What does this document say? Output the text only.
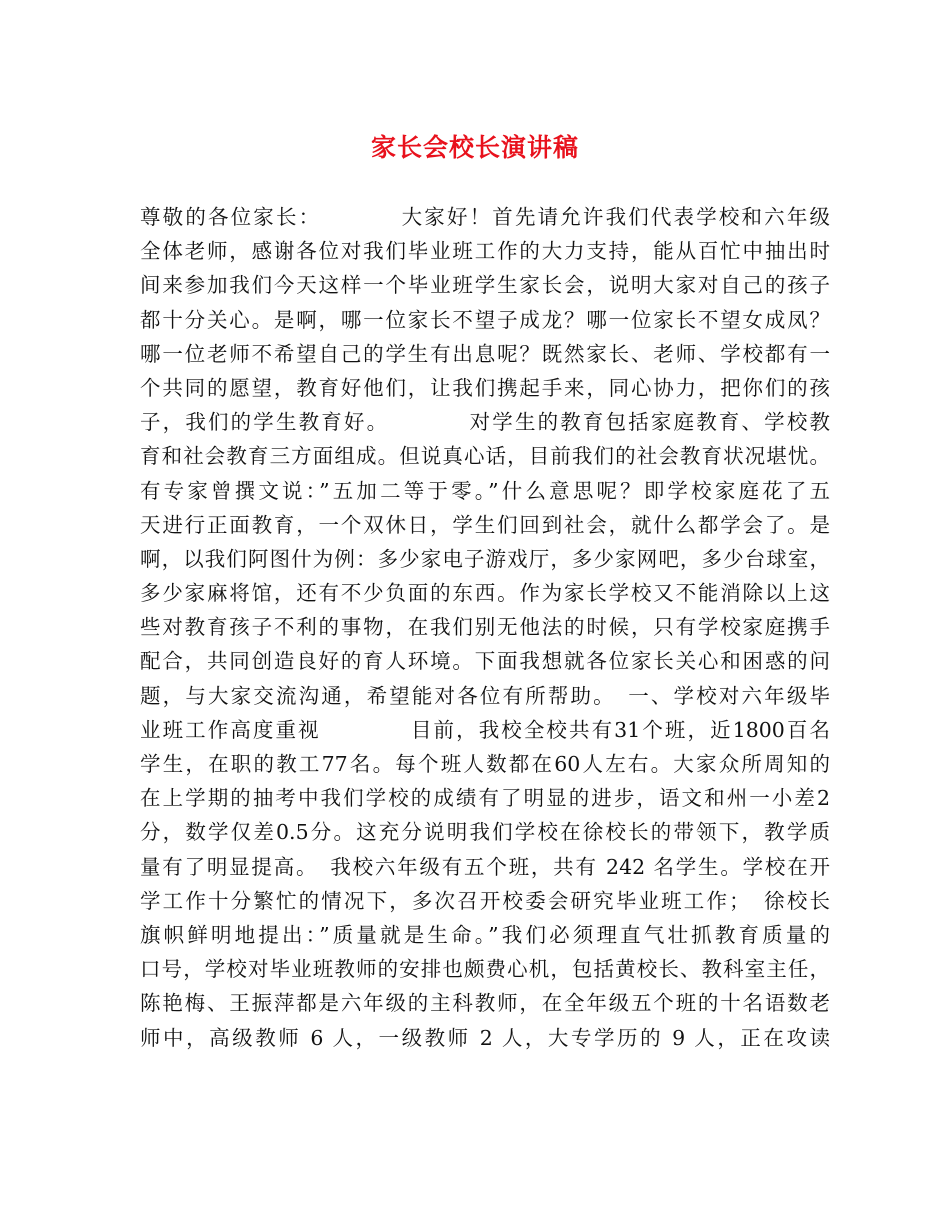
家长会校长演讲稿
尊敬的各位家长：　　　　大家好！首先请允许我们代表学校和六年级
全体老师，感谢各位对我们毕业班工作的大力支持，能从百忙中抽出时
间来参加我们今天这样一个毕业班学生家长会，说明大家对自己的孩子
都十分关心。是啊，哪一位家长不望子成龙？哪一位家长不望女成凤？
哪一位老师不希望自己的学生有出息呢？既然家长、老师、学校都有一
个共同的愿望，教育好他们，让我们携起手来，同心协力，把你们的孩
子，我们的学生教育好。　　　　对学生的教育包括家庭教育、学校教
育和社会教育三方面组成。但说真心话，目前我们的社会教育状况堪忧。
有专家曾撰文说：”五加二等于零。”什么意思呢？即学校家庭花了五
天进行正面教育，一个双休日，学生们回到社会，就什么都学会了。是
啊，以我们阿图什为例：多少家电子游戏厅，多少家网吧，多少台球室，
多少家麻将馆，还有不少负面的东西。作为家长学校又不能消除以上这
些对教育孩子不利的事物，在我们别无他法的时候，只有学校家庭携手
配合，共同创造良好的育人环境。下面我想就各位家长关心和困惑的问
题，与大家交流沟通，希望能对各位有所帮助。　一、学校对六年级毕
业班工作高度重视　　　　目前，我校全校共有31个班，近1800百名
学生，在职的教工77名。每个班人数都在60人左右。大家众所周知的
在上学期的抽考中我们学校的成绩有了明显的进步，语文和州一小差2
分，数学仅差0.5分。这充分说明我们学校在徐校长的带领下，教学质
量有了明显提高。　我校六年级有五个班，共有 242 名学生。学校在开
学工作十分繁忙的情况下，多次召开校委会研究毕业班工作；　徐校长
旗帜鲜明地提出：”质量就是生命。”我们必须理直气壮抓教育质量的
口号，学校对毕业班教师的安排也颇费心机，包括黄校长、教科室主任，
陈艳梅、王振萍都是六年级的主科教师，在全年级五个班的十名语数老
师中，高级教师 6 人，一级教师 2 人，大专学历的 9 人，正在攻读
